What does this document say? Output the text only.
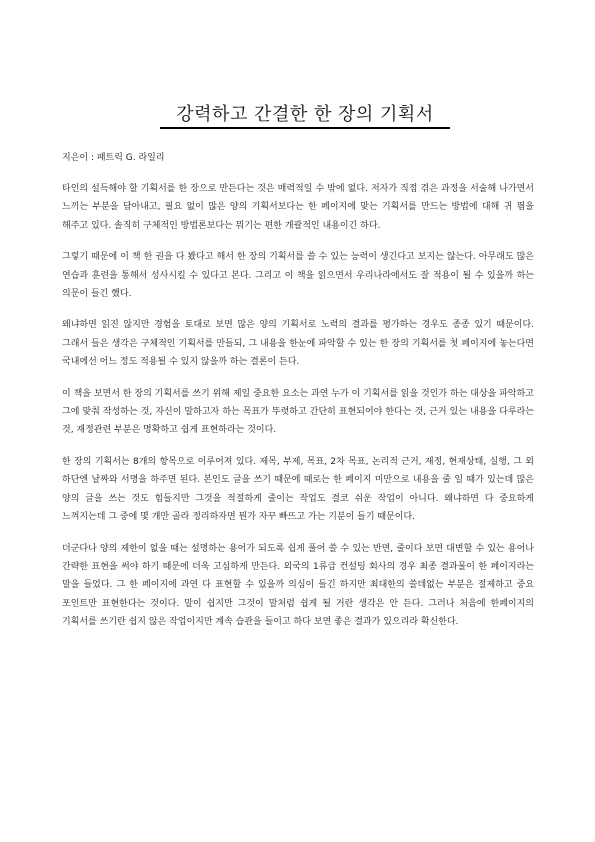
강력하고 간결한 한 장의 기획서
지은이 : 패트릭 G. 라일리

타인의 설득해야 할 기획서를 한 장으로 만든다는 것은 매력적일 수 밖에 없다. 저자가 직접 겪은 과정을 서술해 나가면서 느끼는 부분을 담아내고, 필요 없이 많은 양의 기획서보다는 한 페이지에 맞는 기획서를 만드는 방법에 대해 귀 띔을 해주고 있다. 솔직히 구체적인 방법론보다는 뭐기는 편한 개괄적인 내용이긴 하다.

그렇기 때문에 이 책 한 권을 다 봤다고 해서 한 장의 기획서를 쓸 수 있는 능력이 생긴다고 보지는 않는다. 아무래도 많은 연습과 훈련을 통해서 성사시킬 수 있다고 본다. 그리고 이 책을 읽으면서 우리나라에서도 잘 적용이 될 수 있을까 하는 의문이 들긴 했다.

왜냐하면 읽진 않지만 경험을 토대로 보면 많은 양의 기획서로 노력의 결과를 평가하는 경우도 종종 있기 때문이다. 그래서 들은 생각은 구체적인 기획서를 만들되, 그 내용을 한눈에 파악할 수 있는 한 장의 기획서를 첫 페이지에 놓는다면 국내에선 어느 정도 적용될 수 있지 않을까 하는 결론이 든다.

이 책을 보면서 한 장의 기획서를 쓰기 위해 제일 중요한 요소는 과연 누가 이 기획서를 읽을 것인가 하는 대상을 파악하고 그에 맞춰 작성하는 것, 자신이 말하고자 하는 목표가 뚜렷하고 간단히 표현되어야 한다는 것, 근거 있는 내용을 다루라는 것, 재정관련 부분은 명확하고 쉽게 표현하라는 것이다.

한 장의 기획서는 8개의 항목으로 이루어져 있다. 제목, 부제, 목표, 2차 목표, 논리적 근거, 재정, 현재상태, 실행, 그 외 하단엔 날짜와 서명을 하주면 된다. 본인도 글을 쓰기 때문에 때로는 한 페이지 미만으로 내용을 줄 일 때가 있는데 많은 양의 글을 쓰는 것도 힘들지만 그것을 적절하게 줄이는 작업도 결코 쉬운 작업이 아니다. 왜냐하면 다 중요하게 느껴지는데 그 중에 몇 개만 골라 정리하자면 뭔가 자꾸 빠뜨고 가는 기분이 들기 때문이다.

더군다나 양의 제한이 없을 때는 설명하는 용어가 되도록 쉽게 풀어 쓸 수 있는 반면, 줄이다 보면 대변할 수 있는 용어나 간략한 표현을 써야 하기 때문에 더욱 고심하게 만든다. 외국의 1류급 컨설팅 회사의 경우 최종 결과물이 한 페이지라는 말을 들었다. 그 한 페이지에 과연 다 표현할 수 있을까 의심이 들긴 하지만 최대한의 쓸데없는 부분은 절제하고 중요 포인트만 표현한다는 것이다. 말이 쉽지만 그것이 말처럼 쉽게 될 거란 생각은 안 든다. 그러나 처음에 한페이지의 기획서를 쓰기란 쉽지 않은 작업이지만 계속 습관을 들이고 하다 보면 좋은 결과가 있으리라 확신한다.
